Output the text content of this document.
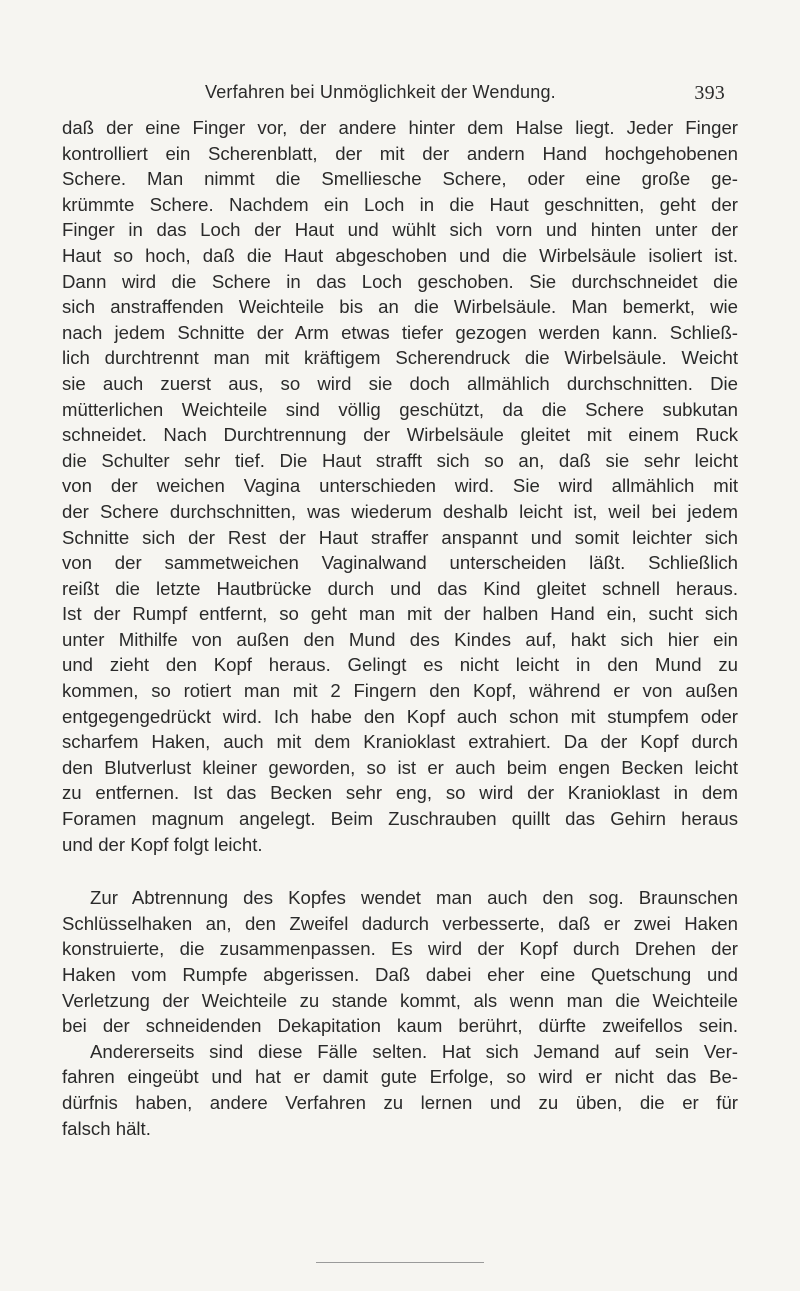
Verfahren bei Unmöglichkeit der Wendung.	393
daß der eine Finger vor, der andere hinter dem Halse liegt. Jeder Finger
kontrolliert ein Scherenblatt, der mit der andern Hand hochgehobenen
Schere. Man nimmt die Smelliesche Schere, oder eine große ge-
krümmte Schere. Nachdem ein Loch in die Haut geschnitten, geht der
Finger in das Loch der Haut und wühlt sich vorn und hinten unter der
Haut so hoch, daß die Haut abgeschoben und die Wirbelsäule isoliert ist.
Dann wird die Schere in das Loch geschoben. Sie durchschneidet die
sich anstraffenden Weichteile bis an die Wirbelsäule. Man bemerkt, wie
nach jedem Schnitte der Arm etwas tiefer gezogen werden kann. Schließ-
lich durchtrennt man mit kräftigem Scherendruck die Wirbelsäule. Weicht
sie auch zuerst aus, so wird sie doch allmählich durchschnitten. Die
mütterlichen Weichteile sind völlig geschützt, da die Schere subkutan
schneidet. Nach Durchtrennung der Wirbelsäule gleitet mit einem Ruck
die Schulter sehr tief. Die Haut strafft sich so an, daß sie sehr leicht
von der weichen Vagina unterschieden wird. Sie wird allmählich mit
der Schere durchschnitten, was wiederum deshalb leicht ist, weil bei jedem
Schnitte sich der Rest der Haut straffer anspannt und somit leichter sich
von der sammetweichen Vaginalwand unterscheiden läßt. Schließlich
reißt die letzte Hautbrücke durch und das Kind gleitet schnell heraus.
Ist der Rumpf entfernt, so geht man mit der halben Hand ein, sucht sich
unter Mithilfe von außen den Mund des Kindes auf, hakt sich hier ein
und zieht den Kopf heraus. Gelingt es nicht leicht in den Mund zu
kommen, so rotiert man mit 2 Fingern den Kopf, während er von außen
entgegengedrückt wird. Ich habe den Kopf auch schon mit stumpfem oder
scharfem Haken, auch mit dem Kranioklast extrahiert. Da der Kopf durch
den Blutverlust kleiner geworden, so ist er auch beim engen Becken leicht
zu entfernen. Ist das Becken sehr eng, so wird der Kranioklast in dem
Foramen magnum angelegt. Beim Zuschrauben quillt das Gehirn heraus
und der Kopf folgt leicht.
Zur Abtrennung des Kopfes wendet man auch den sog. Braunschen
Schlüsselhaken an, den Zweifel dadurch verbesserte, daß er zwei Haken
konstruierte, die zusammenpassen. Es wird der Kopf durch Drehen der
Haken vom Rumpfe abgerissen. Daß dabei eher eine Quetschung und
Verletzung der Weichteile zu stande kommt, als wenn man die Weichteile
bei der schneidenden Dekapitation kaum berührt, dürfte zweifellos sein.
Andererseits sind diese Fälle selten. Hat sich Jemand auf sein Ver-
fahren eingeübt und hat er damit gute Erfolge, so wird er nicht das Be-
dürfnis haben, andere Verfahren zu lernen und zu üben, die er für
falsch hält.
